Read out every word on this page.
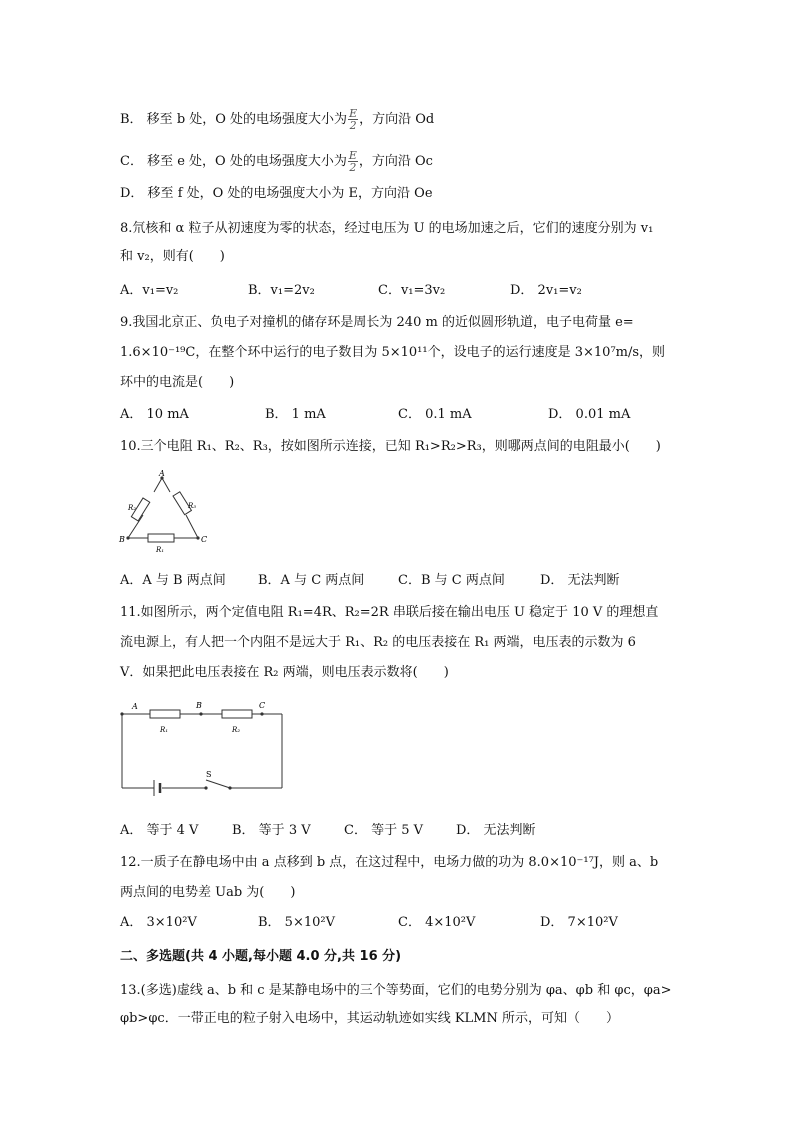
B． 移至 b 处，O 处的电场强度大小为 $\frac{E}{2}$ ，方向沿 Od
C． 移至 e 处，O 处的电场强度大小为 $\frac{E}{2}$ ，方向沿 Oc
D． 移至 f 处，O 处的电场强度大小为 E，方向沿 Oe
8.氘核和 α 粒子从初速度为零的状态，经过电压为 U 的电场加速之后，它们的速度分别为 v₁
和 v₂，则有(　　)
A．v₁=v₂	B．v₁=2v₂	C．v₁=3v₂	D． 2v₁=v₂
9.我国北京正、负电子对撞机的储存环是周长为 240 m 的近似圆形轨道，电子电荷量 e=
1.6×10⁻¹⁹C，在整个环中运行的电子数目为 5×10¹¹个，设电子的运行速度是 3×10⁷m/s，则
环中的电流是(　　)
A． 10 mA	B． 1 mA	C． 0.1 mA	D． 0.01 mA
10.三个电阻 R₁、R₂、R₃，按如图所示连接，已知 R₁>R₂>R₃，则哪两点间的电阻最小(　　)
A
B	C
R₂	R₃
R₁
A．A 与 B 两点间 B．A 与 C 两点间	C．B 与 C 两点间	D． 无法判断
11.如图所示，两个定值电阻 R₁=4R、R₂=2R 串联后接在输出电压 U 稳定于 10 V 的理想直
流电源上，有人把一个内阻不是远大于 R₁、R₂ 的电压表接在 R₁ 两端，电压表的示数为 6
V．如果把此电压表接在 R₂ 两端，则电压表示数将(　　)
A	B	C
R₁	R₂
S
A． 等于 4 V	B． 等于 3 V	C． 等于 5 V	D． 无法判断
12.一质子在静电场中由 a 点移到 b 点，在这过程中，电场力做的功为 8.0×10⁻¹⁷J，则 a、b
两点间的电势差 Uab 为(　　)
A． 3×10²V	B． 5×10²V	C． 4×10²V	D． 7×10²V
二、多选题(共 4 小题,每小题 4.0 分,共 16 分)
13.(多选)虚线 a、b 和 c 是某静电场中的三个等势面，它们的电势分别为 φa、φb 和 φc，φa>
φb>φc．一带正电的粒子射入电场中，其运动轨迹如实线 KLMN 所示，可知（　　）
